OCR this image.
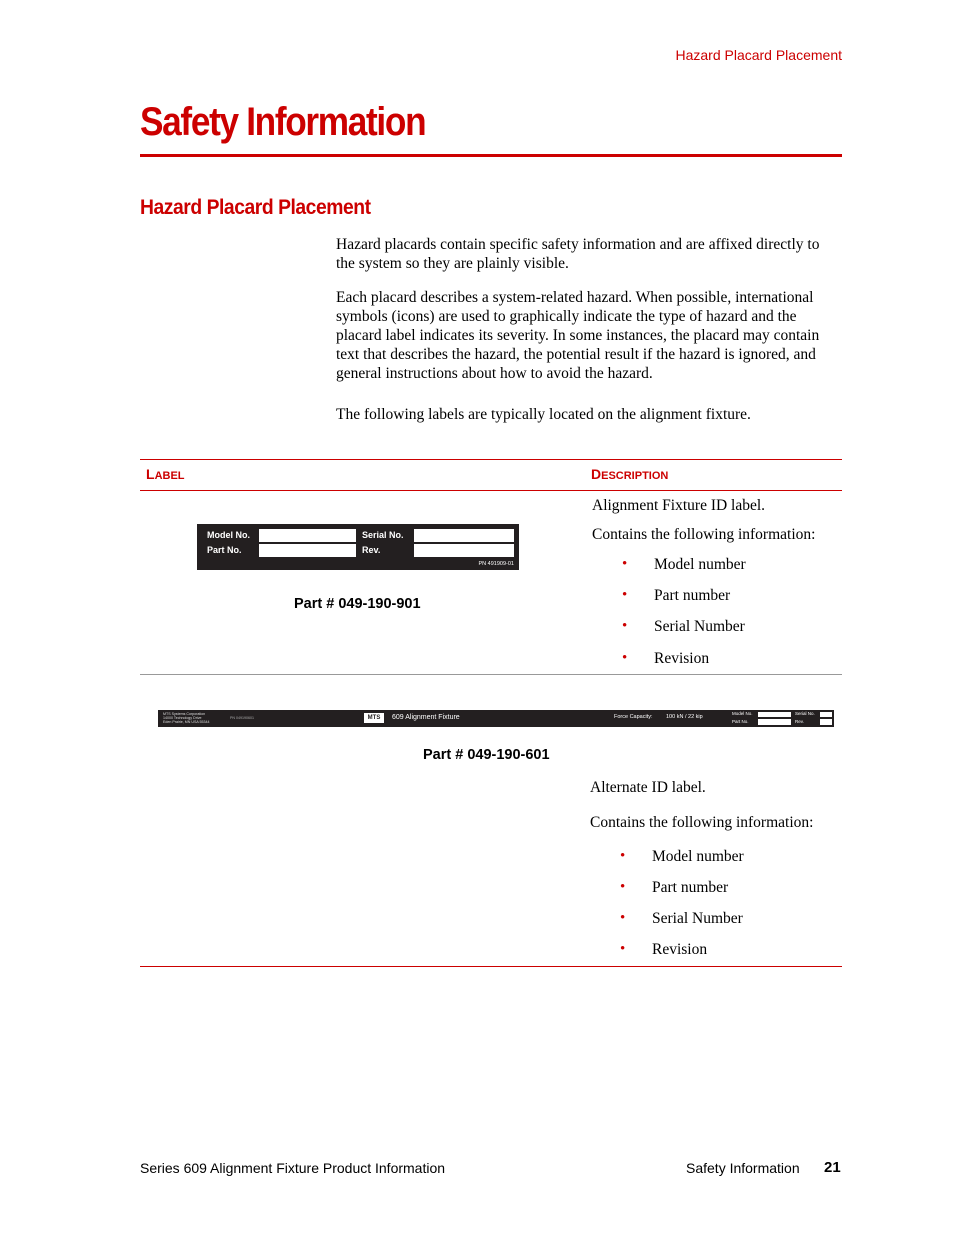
Hazard Placard Placement
Safety Information
Hazard Placard Placement

Hazard placards contain specific safety information and are affixed directly to the system so they are plainly visible.

Each placard describes a system-related hazard. When possible, international symbols (icons) are used to graphically indicate the type of hazard and the placard label indicates its severity. In some instances, the placard may contain text that describes the hazard, the potential result if the hazard is ignored, and general instructions about how to avoid the hazard.

The following labels are typically located on the alignment fixture.

LABEL	DESCRIPTION
Model No.	Serial No.
Part No.	Rev.
PN 491909-01
Part # 049-190-901
Alignment Fixture ID label.
Contains the following information:
• Model number
• Part number
• Serial Number
• Revision
MTS Systems Corporation
14000 Technology Drive
Eden Prairie, MN USA 55344
PN 049190601	MTS	609 Alignment Fixture	Force Capacity: 100 kN / 22 kip
Model No.
Part No.
Serial No.
Rev.
Part # 049-190-601
Alternate ID label.
Contains the following information:
• Model number
• Part number
• Serial Number
• Revision
Series 609 Alignment Fixture Product Information	Safety Information 21
